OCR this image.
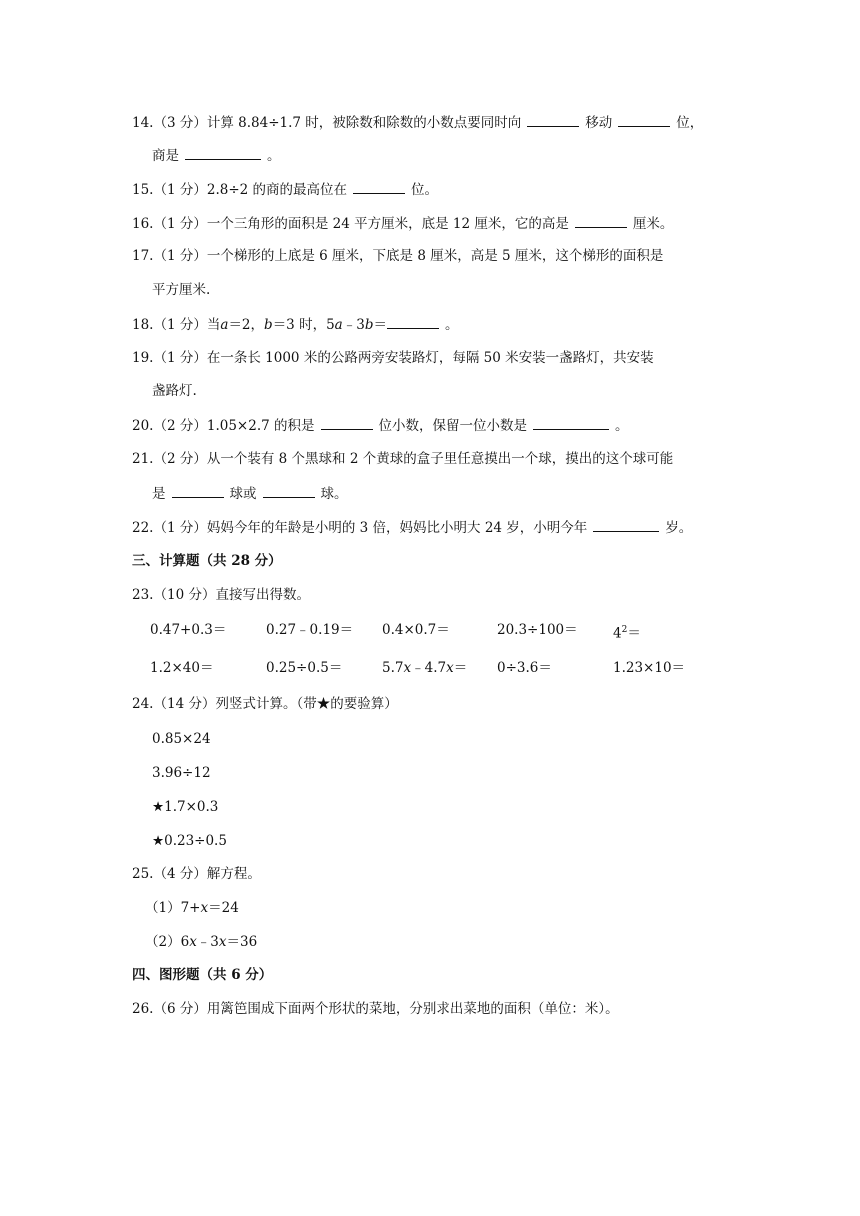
14.（3 分）计算 8.84÷1.7 时，被除数和除数的小数点要同时向	移动	位，
商是	。
15.（1 分）2.8÷2 的商的最高位在	位。
16.（1 分）一个三角形的面积是 24 平方厘米，底是 12 厘米，它的高是	厘米。
17.（1 分）一个梯形的上底是 6 厘米，下底是 8 厘米，高是 5 厘米，这个梯形的面积是
平方厘米.
18.（1 分）当a＝2，b＝3 时，5a﹣3b＝	。
19.（1 分）在一条长 1000 米的公路两旁安装路灯，每隔 50 米安装一盏路灯，共安装
盏路灯.
20.（2 分）1.05×2.7 的积是	位小数，保留一位小数是	。
21.（2 分）从一个装有 8 个黑球和 2 个黄球的盒子里任意摸出一个球，摸出的这个球可能
是	球或	球。
22.（1 分）妈妈今年的年龄是小明的 3 倍，妈妈比小明大 24 岁，小明今年	岁。
三、计算题（共 28 分）
23.（10 分）直接写出得数。
0.47+0.3＝	0.27﹣0.19＝ 0.4×0.7＝	20.3÷100＝	$4^2=$
1.2×40＝	0.25÷0.5＝	5.7x﹣4.7x＝ 0÷3.6＝	1.23×10＝
24.（14 分）列竖式计算。（带★的要验算）
0.85×24
3.96÷12
★1.7×0.3
★0.23÷0.5
25.（4 分）解方程。
（1）7+x＝24
（2）6x﹣3x＝36
四、图形题（共 6 分）
26.（6 分）用篱笆围成下面两个形状的菜地，分别求出菜地的面积（单位：米）。
